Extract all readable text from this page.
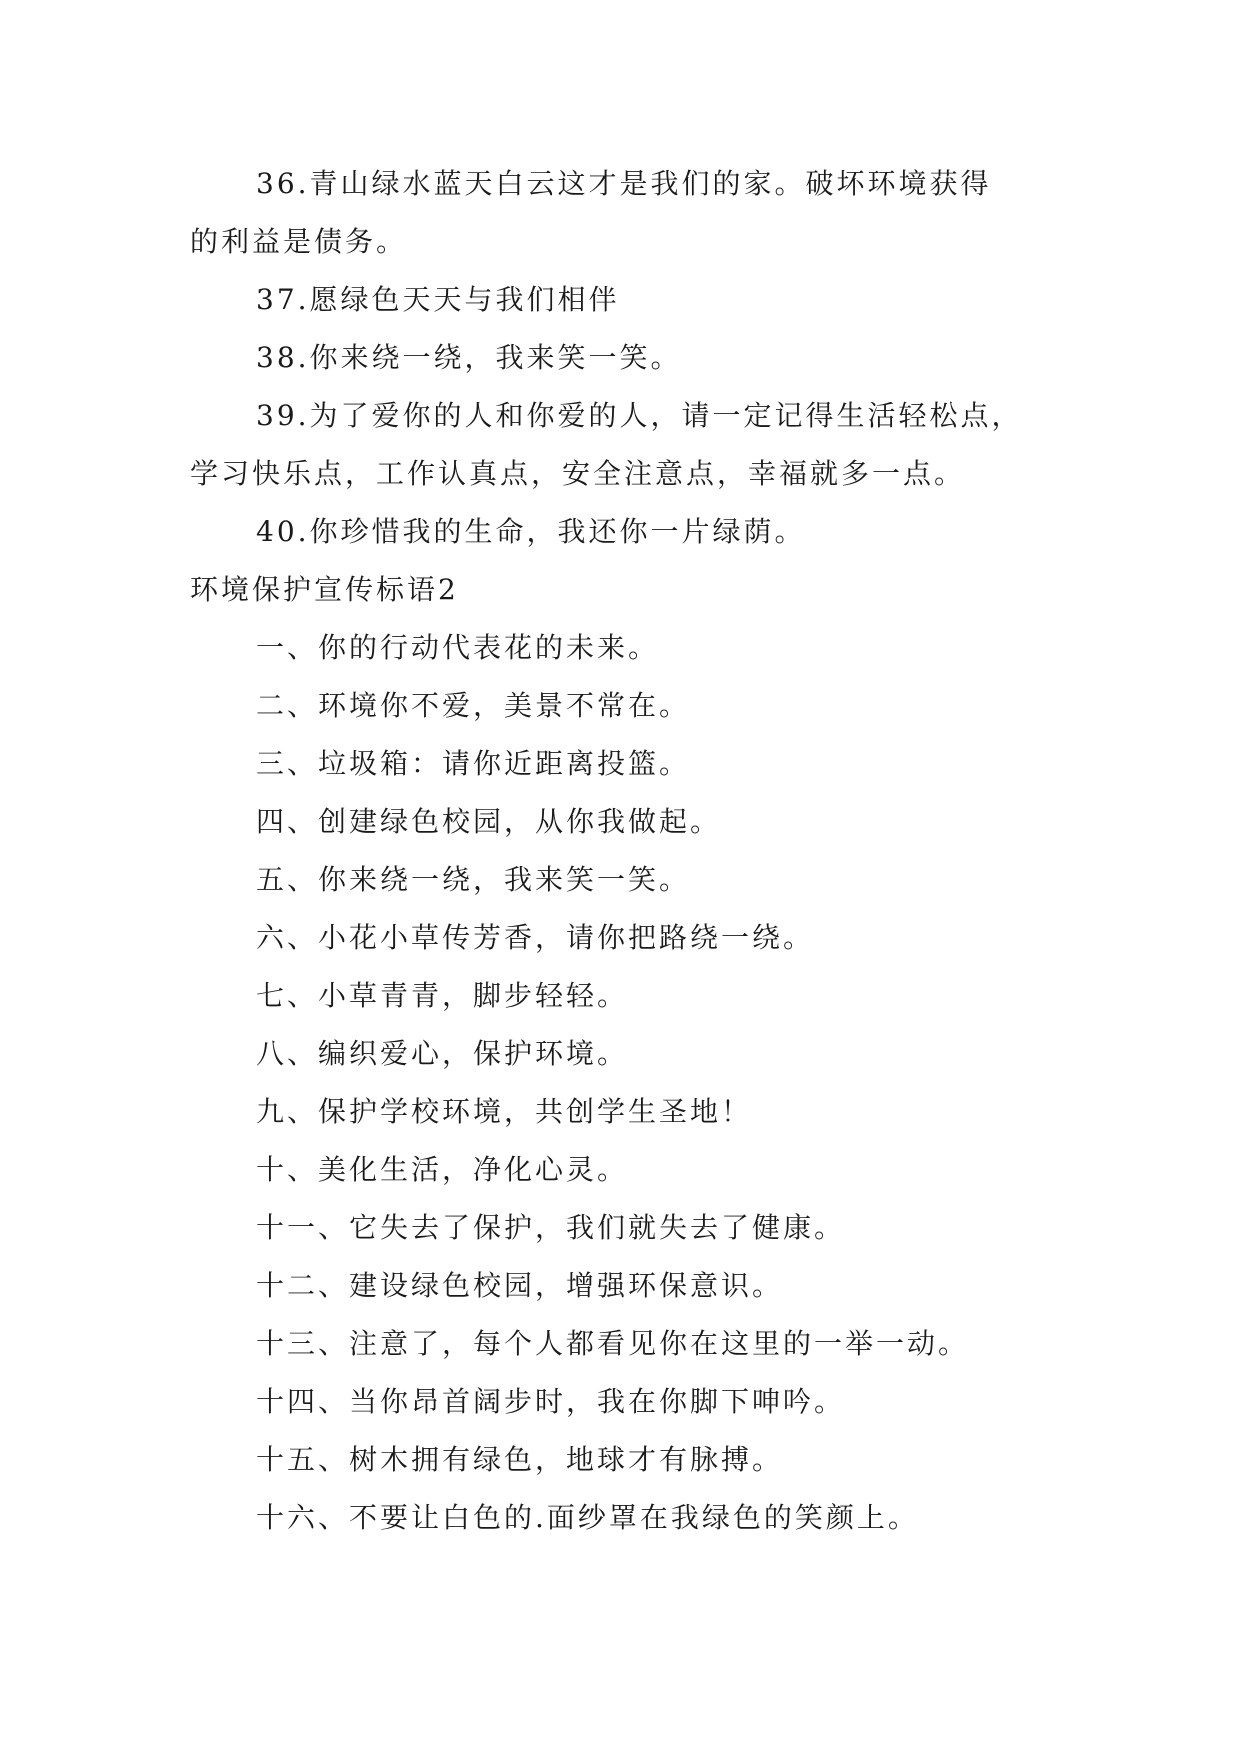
36.青山绿水蓝天白云这才是我们的家。破坏环境获得
的利益是债务。
37.愿绿色天天与我们相伴
38.你来绕一绕，我来笑一笑。
39.为了爱你的人和你爱的人，请一定记得生活轻松点，
学习快乐点，工作认真点，安全注意点，幸福就多一点。
40.你珍惜我的生命，我还你一片绿荫。
环境保护宣传标语2
一、你的行动代表花的未来。
二、环境你不爱，美景不常在。
三、垃圾箱：请你近距离投篮。
四、创建绿色校园，从你我做起。
五、你来绕一绕，我来笑一笑。
六、小花小草传芳香，请你把路绕一绕。
七、小草青青，脚步轻轻。
八、编织爱心，保护环境。
九、保护学校环境，共创学生圣地！
十、美化生活，净化心灵。
十一、它失去了保护，我们就失去了健康。
十二、建设绿色校园，增强环保意识。
十三、注意了，每个人都看见你在这里的一举一动。
十四、当你昂首阔步时，我在你脚下呻吟。
十五、树木拥有绿色，地球才有脉搏。
十六、不要让白色的.面纱罩在我绿色的笑颜上。
